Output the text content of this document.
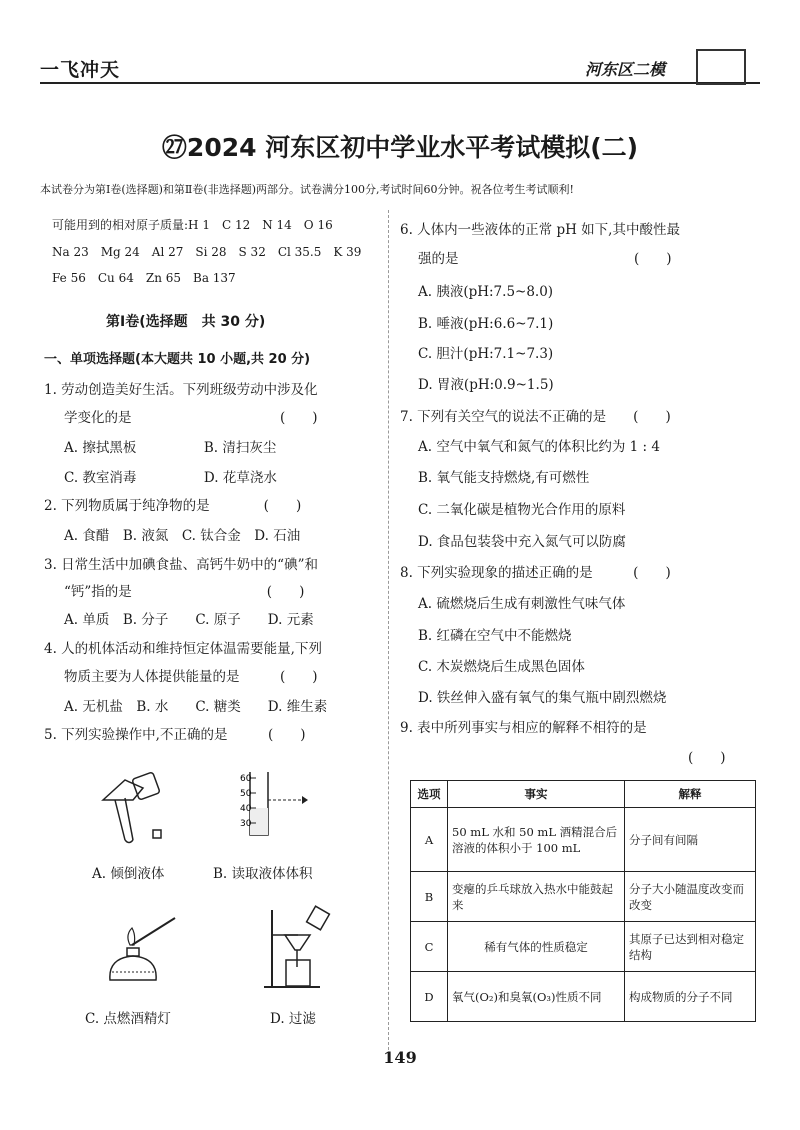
一飞冲天	河东区二模
㉗2024 河东区初中学业水平考试模拟(二)
本试卷分为第Ⅰ卷(选择题)和第Ⅱ卷(非选择题)两部分。试卷满分100分,考试时间60分钟。祝各位考生考试顺利!
可能用到的相对原子质量:H 1　C 12　N 14　O 16
Na 23　Mg 24　Al 27　Si 28　S 32　Cl 35.5　K 39
Fe 56　Cu 64　Zn 65　Ba 137
第Ⅰ卷(选择题　共 30 分)
一、单项选择题(本大题共 10 小题,共 20 分)
1. 劳动创造美好生活。下列班级劳动中涉及化
学变化的是　　　　　　　　　　　(　　)
A. 擦拭黑板　　　　　B. 清扫灰尘
C. 教室消毒　　　　　D. 花草浇水
2. 下列物质属于纯净物的是　　　　(　　)
A. 食醋　B. 液氮　C. 钛合金　D. 石油
3. 日常生活中加碘食盐、高钙牛奶中的“碘”和
“钙”指的是　　　　　　　　　　(　　)
A. 单质　B. 分子　　C. 原子　　D. 元素
4. 人的机体活动和维持恒定体温需要能量,下列
物质主要为人体提供能量的是　　　(　　)
A. 无机盐　B. 水　　C. 糖类　　D. 维生素
5. 下列实验操作中,不正确的是　　　(　　)
A. 倾倒液体
60
50
40
30
B. 读取液体体积
C. 点燃酒精灯	D. 过滤
6. 人体内一些液体的正常 pH 如下,其中酸性最
强的是　　　　　　　　　　　　　(　　)
A. 胰液(pH:7.5~8.0)
B. 唾液(pH:6.6~7.1)
C. 胆汁(pH:7.1~7.3)
D. 胃液(pH:0.9~1.5)
7. 下列有关空气的说法不正确的是　　(　　)
A. 空气中氧气和氮气的体积比约为 1 : 4
B. 氧气能支持燃烧,有可燃性
C. 二氧化碳是植物光合作用的原料
D. 食品包装袋中充入氮气可以防腐
8. 下列实验现象的描述正确的是　　　(　　)
A. 硫燃烧后生成有刺激性气味气体
B. 红磷在空气中不能燃烧
C. 木炭燃烧后生成黑色固体
D. 铁丝伸入盛有氧气的集气瓶中剧烈燃烧
9. 表中所列事实与相应的解释不相符的是
(　　)
选项	事实	解释
A	50 mL 水和 50 mL 酒精混合后溶液的体积小于 100 mL	分子间有间隔
B	变瘪的乒乓球放入热水中能鼓起来	分子大小随温度改变而改变
C	稀有气体的性质稳定	其原子已达到相对稳定结构
D	氧气(O₂)和臭氧(O₃)性质不同	构成物质的分子不同
149
